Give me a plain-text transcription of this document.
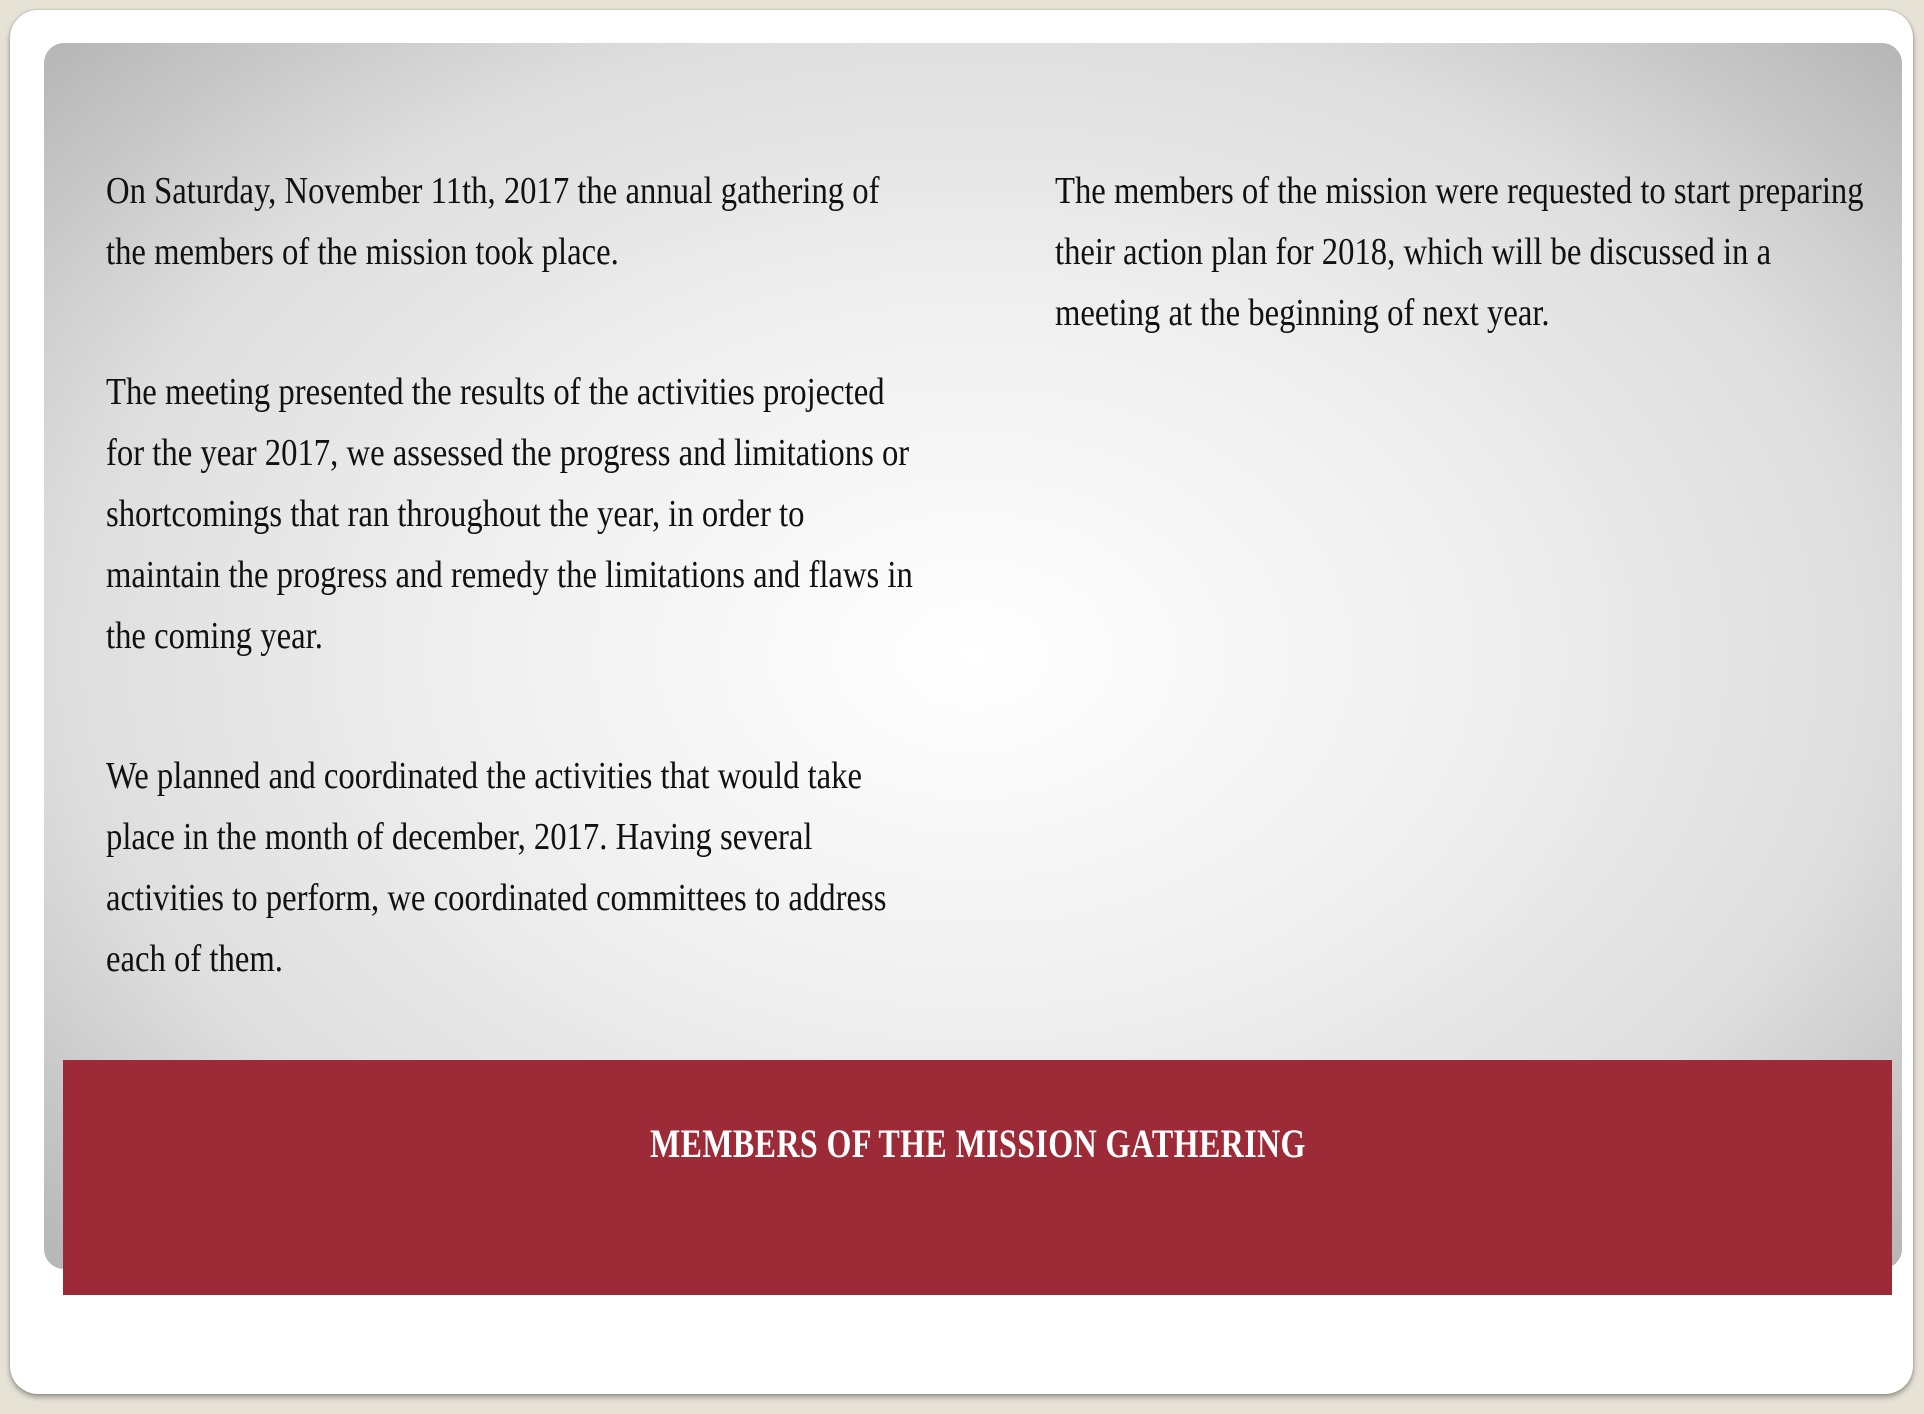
On Saturday, November 11th, 2017 the annual gathering of the members of the mission took place.

The meeting presented the results of the activities projected for the year 2017, we assessed the progress and limitations or shortcomings that ran throughout the year, in order to maintain the progress and remedy the limitations and flaws in the coming year.

We planned and coordinated the activities that would take place in the month of december, 2017. Having several activities to perform, we coordinated committees to address each of them.

The members of the mission were requested to start preparing their action plan for 2018, which will be discussed in a meeting at the beginning of next year.

MEMBERS OF THE MISSION GATHERING
